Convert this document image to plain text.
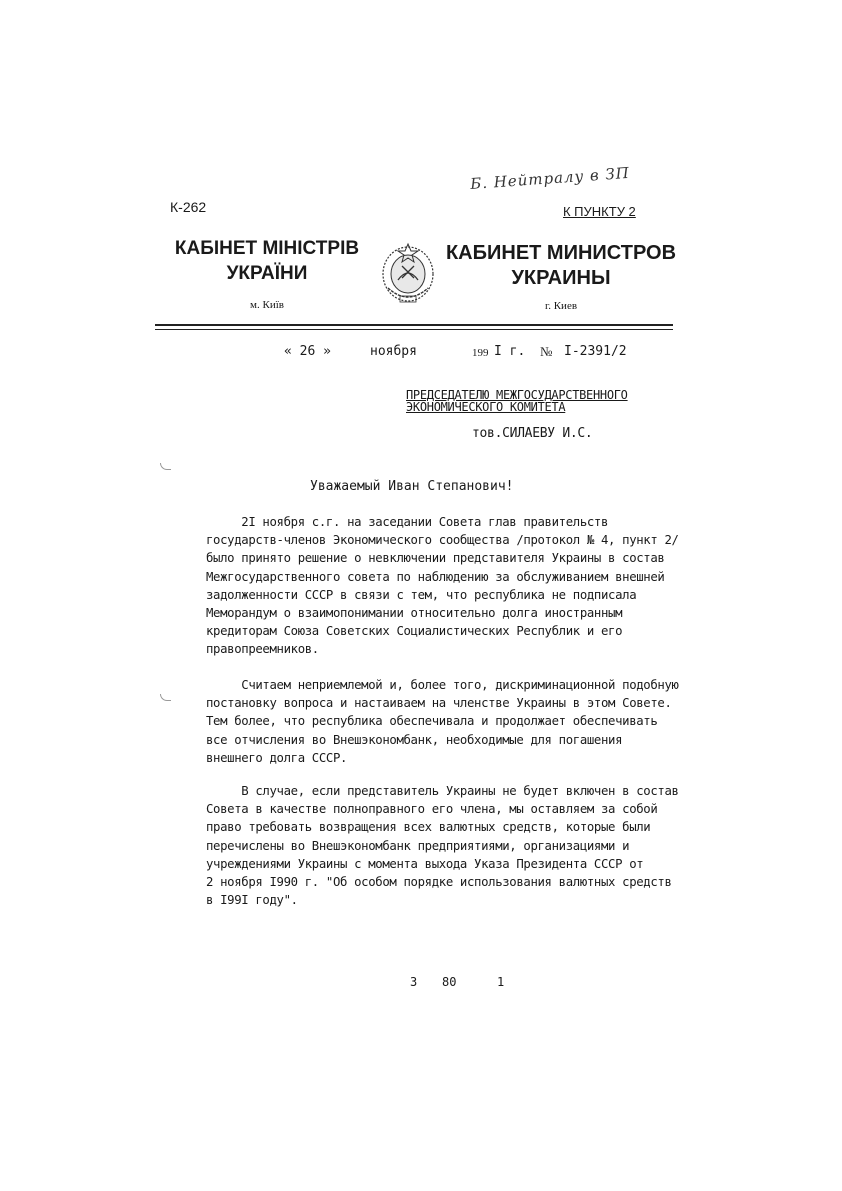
Б. Нейтралу в ЗП
К-262	К ПУНКТУ 2
КАБІНЕТ МІНІСТРІВ
УКРАЇНИ
КАБИНЕТ МИНИСТРОВ
УКРАИНЫ
м. Київ	г. Киев
« 26 »	ноября	199 I г. № I-2391/2
ПРЕДСЕДАТЕЛЮ МЕЖГОСУДАРСТВЕННОГО
ЭКОНОМИЧЕСКОГО КОМИТЕТА
тов.СИЛАЕВУ И.С.
Уважаемый Иван Степанович!
2I ноября с.г. на заседании Совета глав правительств
государств-членов Экономического сообщества /протокол № 4, пункт 2/
было принято решение о невключении представителя Украины в состав
Межгосударственного совета по наблюдению за обслуживанием внешней
задолженности СССР в связи с тем, что республика не подписала
Меморандум о взаимопонимании относительно долга иностранным
кредиторам Союза Советских Социалистических Республик и его
правопреемников.
Считаем неприемлемой и, более того, дискриминационной подобную
постановку вопроса и настаиваем на членстве Украины в этом Совете.
Тем более, что республика обеспечивала и продолжает обеспечивать
все отчисления во Внешэкономбанк, необходимые для погашения
внешнего долга СССР.
В случае, если представитель Украины не будет включен в состав
Совета в качестве полноправного его члена, мы оставляем за собой
право требовать возвращения всех валютных средств, которые были
перечислены во Внешэкономбанк предприятиями, организациями и
учреждениями Украины с момента выхода Указа Президента СССР от
2 ноября I990 г. "Об особом порядке использования валютных средств
в I99I году".
3 80	1
